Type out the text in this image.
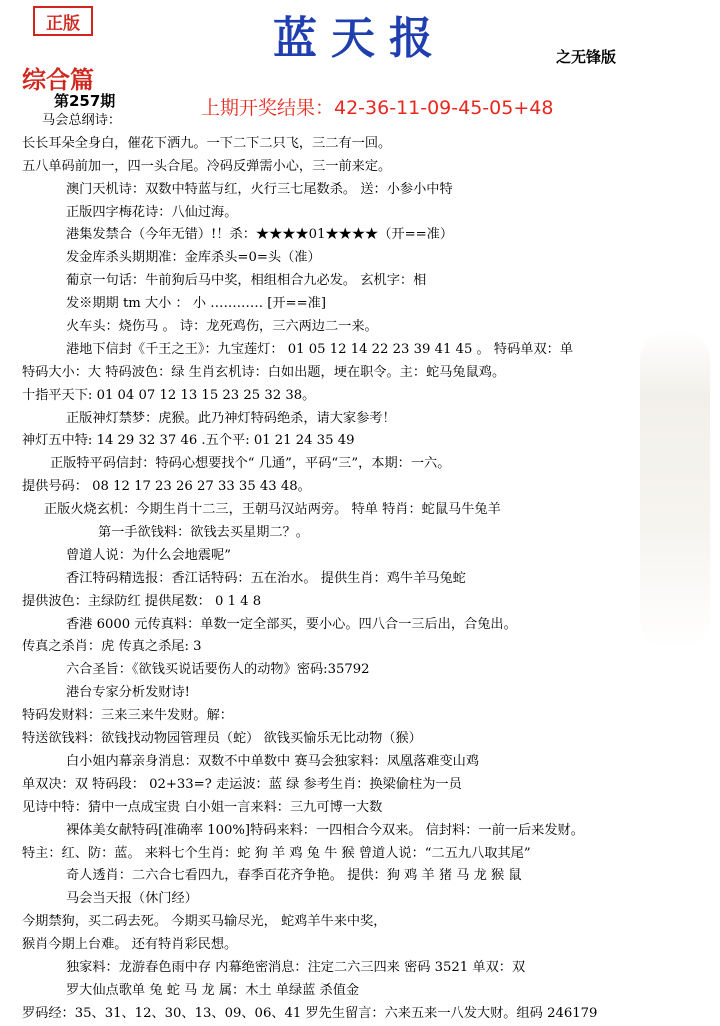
正版	蓝天报	之无锋版
综合篇
第257期	上期开奖结果：42-36-11-09-45-05+48
马会总纲诗：
长长耳朵全身白，催花下洒九。一下二下二只飞，三二有一回。
五八单码前加一，四一头合尾。冷码反弹需小心，三一前来定。
澳门天机诗：双数中特蓝与红，火行三七尾数杀。 送：小参小中特
正版四字梅花诗：八仙过海。
港集发禁合（今年无错）!！杀：★★★★01★★★★（开==准）
发金库杀头期期准：金库杀头=0=头（准）
葡京一句话：牛前狗后马中奖，相组相合九必发。 玄机字：相
发※期期 tm 大小 ： 小 ………… [开==准]
火车头：烧伤马 。 诗：龙死鸡伤，三六两边二一来。
港地下信封《千王之王》：九宝莲灯： 01 05 12 14 22 23 39 41 45 。 特码单双：单
特码大小：大 特码波色：绿 生肖玄机诗：白如出题，埂在职令。主：蛇马兔鼠鸡。
十指平天下: 01 04 07 12 13 15 23 25 32 38。
正版神灯禁梦：虎猴。此乃神灯特码绝杀，请大家参考！
神灯五中特: 14 29 32 37 46 .五个平: 01 21 24 35 49
正版特平码信封：特码心想要找个“ 几通”，平码“三”，本期：一六。
提供号码： 08 12 17 23 26 27 33 35 43 48。
正版火烧玄机：今期生肖十二三，王朝马汉站两旁。 特单 特肖：蛇鼠马牛兔羊
第一手欲钱料：欲钱去买星期二？。
曾道人说：为什么会地震呢”
香江特码精选报：香江话特码：五在治水。 提供生肖：鸡牛羊马兔蛇
提供波色：主绿防红 提供尾数： 0 1 4 8
香港 6000 元传真料：单数一定全部买，要小心。四八合一三后出，合兔出。
传真之杀肖：虎 传真之杀尾: 3
六合圣旨：《欲钱买说话要伤人的动物》密码:35792
港台专家分析发财诗!
特码发财料：三来三来牛发财。解：
特送欲钱料：欲钱找动物园管理员（蛇） 欲钱买愉乐无比动物（猴）
白小姐内幕亲身消息：双数不中单数中 赛马会独家料：凤凰落难变山鸡
单双决：双 特码段： 02+33=? 走运波：蓝 绿 参考生肖：换梁偷柱为一员
见诗中特：猜中一点成宝贵 白小姐一言来料：三九可博一大数
裸体美女献特码[准确率 100%]特码来料：一四相合今双来。 信封料：一前一后来发财。
特主：红、防：蓝。 来料七个生肖：蛇 狗 羊 鸡 兔 牛 猴 曾道人说：“二五九八取其尾”
奇人透肖：二六合七看四九，春季百花齐争艳。 提供：狗 鸡 羊 猪 马 龙 猴 鼠
马会当天报（休门经）
今期禁狗，买二码去死。 今期买马输尽光， 蛇鸡羊牛来中奖，
猴肖今期上台难。 还有特肖彩民想。
独家料：龙游春色雨中存 内幕绝密消息：注定二六三四来 密码 3521 单双：双
罗大仙点歌单 兔 蛇 马 龙 属：木土 单绿蓝 杀值金
罗码经：35、31、12、30、13、09、06、41 罗先生留言：六来五来一八发大财。组码 246179
